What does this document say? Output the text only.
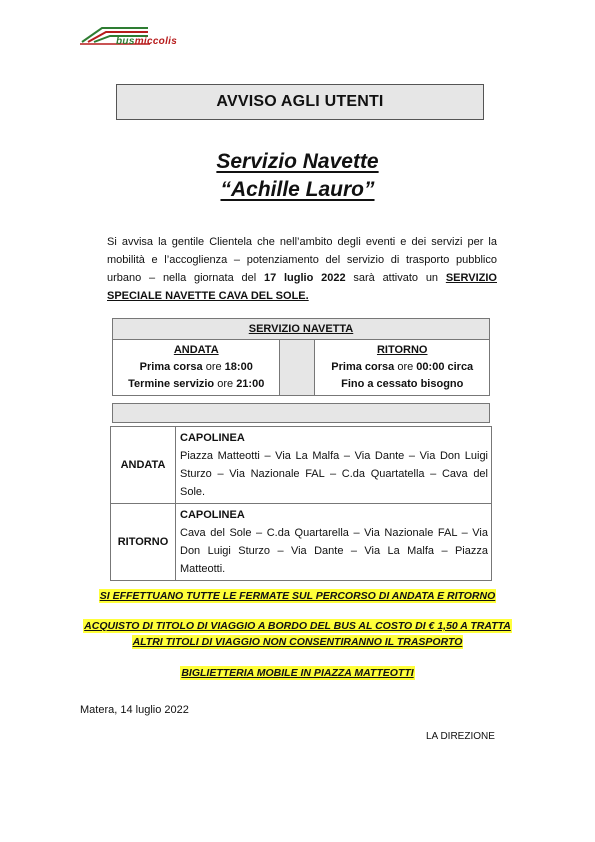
busmiccolis
AVVISO AGLI UTENTI
Servizio Navette
“Achille Lauro”

Si avvisa la gentile Clientela che nell’ambito degli eventi e dei servizi per la mobilità e l’accoglienza – potenziamento del servizio di trasporto pubblico urbano – nella giornata del 17 luglio 2022 sarà attivato un SERVIZIO SPECIALE NAVETTE CAVA DEL SOLE.

SERVIZIO NAVETTA

ANDATA
Prima corsa ore 18:00
Termine servizio ore 21:00

RITORNO
Prima corsa ore 00:00 circa
Fino a cessato bisogno
ANDATA	CAPOLINEA
Piazza Matteotti – Via La Malfa – Via Dante – Via Don Luigi Sturzo – Via Nazionale FAL – C.da Quartatella – Cava del Sole.

RITORNO	CAPOLINEA
Cava del Sole – C.da Quartarella – Via Nazionale FAL – Via Don Luigi Sturzo – Via Dante – Via La Malfa – Piazza Matteotti.
SI EFFETTUANO TUTTE LE FERMATE SUL PERCORSO DI ANDATA E RITORNO
ACQUISTO DI TITOLO DI VIAGGIO A BORDO DEL BUS AL COSTO DI € 1,50 A TRATTA
ALTRI TITOLI DI VIAGGIO NON CONSENTIRANNO IL TRASPORTO
BIGLIETTERIA MOBILE IN PIAZZA MATTEOTTI
Matera, 14 luglio 2022
LA DIREZIONE
